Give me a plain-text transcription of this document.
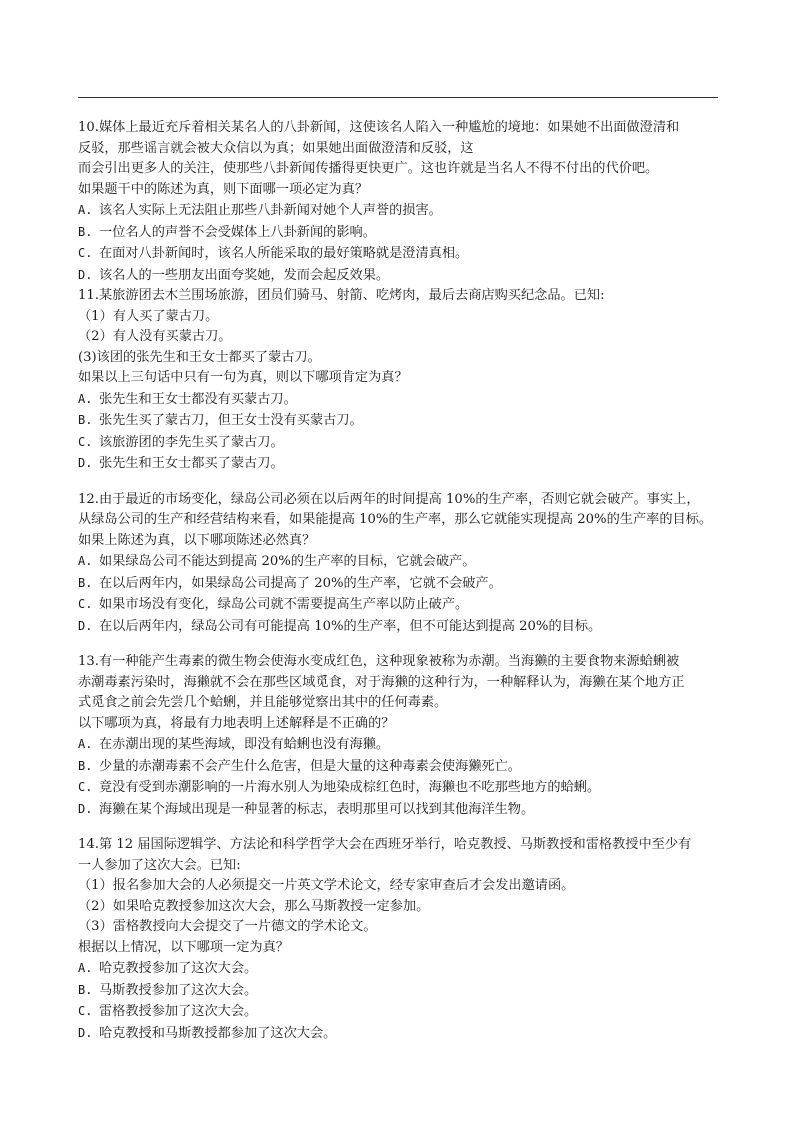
10.媒体上最近充斥着相关某名人的八卦新闻，这使该名人陷入一种尴尬的境地：如果她不出面做澄清和
反驳，那些谣言就会被大众信以为真；如果她出面做澄清和反驳，这
而会引出更多人的关注，使那些八卦新闻传播得更快更广。这也许就是当名人不得不付出的代价吧。
如果题干中的陈述为真，则下面哪一项必定为真？
A. 该名人实际上无法阻止那些八卦新闻对她个人声誉的损害。
B. 一位名人的声誉不会受媒体上八卦新闻的影响。
C. 在面对八卦新闻时，该名人所能采取的最好策略就是澄清真相。
D. 该名人的一些朋友出面夸奖她，发而会起反效果。
11.某旅游团去木兰围场旅游，团员们骑马、射箭、吃烤肉，最后去商店购买纪念品。已知:
（1）有人买了蒙古刀。
（2）有人没有买蒙古刀。
(3)该团的张先生和王女士都买了蒙古刀。
如果以上三句话中只有一句为真，则以下哪项肯定为真？
A. 张先生和王女士都没有买蒙古刀。
B. 张先生买了蒙古刀，但王女士没有买蒙古刀。
C. 该旅游团的李先生买了蒙古刀。
D. 张先生和王女士都买了蒙古刀。
12.由于最近的市场变化，绿岛公司必须在以后两年的时间提高 10%的生产率，否则它就会破产。事实上，
从绿岛公司的生产和经营结构来看，如果能提高 10%的生产率，那么它就能实现提高 20%的生产率的目标。
如果上陈述为真，以下哪项陈述必然真？
A. 如果绿岛公司不能达到提高 20%的生产率的目标，它就会破产。
B. 在以后两年内，如果绿岛公司提高了 20%的生产率，它就不会破产。
C. 如果市场没有变化，绿岛公司就不需要提高生产率以防止破产。
D. 在以后两年内，绿岛公司有可能提高 10%的生产率，但不可能达到提高 20%的目标。
13.有一种能产生毒素的微生物会使海水变成红色，这种现象被称为赤潮。当海獭的主要食物来源蛤蜊被
赤潮毒素污染时，海獭就不会在那些区域觅食，对于海獭的这种行为，一种解释认为，海獭在某个地方正
式觅食之前会先尝几个蛤蜊，并且能够觉察出其中的任何毒素。
以下哪项为真，将最有力地表明上述解释是不正确的？
A. 在赤潮出现的某些海域，即没有蛤蜊也没有海獭。
B. 少量的赤潮毒素不会产生什么危害，但是大量的这种毒素会使海獭死亡。
C. 竟没有受到赤潮影响的一片海水别人为地染成棕红色时，海獭也不吃那些地方的蛤蜊。
D. 海獭在某个海域出现是一种显著的标志，表明那里可以找到其他海洋生物。
14.第 12 届国际逻辑学、方法论和科学哲学大会在西班牙举行，哈克教授、马斯教授和雷格教授中至少有
一人参加了这次大会。已知:
（1）报名参加大会的人必须提交一片英文学术论文，经专家审查后才会发出邀请函。
（2）如果哈克教授参加这次大会，那么马斯教授一定参加。
（3）雷格教授向大会提交了一片德文的学术论文。
根据以上情况，以下哪项一定为真？
A. 哈克教授参加了这次大会。
B. 马斯教授参加了这次大会。
C. 雷格教授参加了这次大会。
D. 哈克教授和马斯教授都参加了这次大会。
